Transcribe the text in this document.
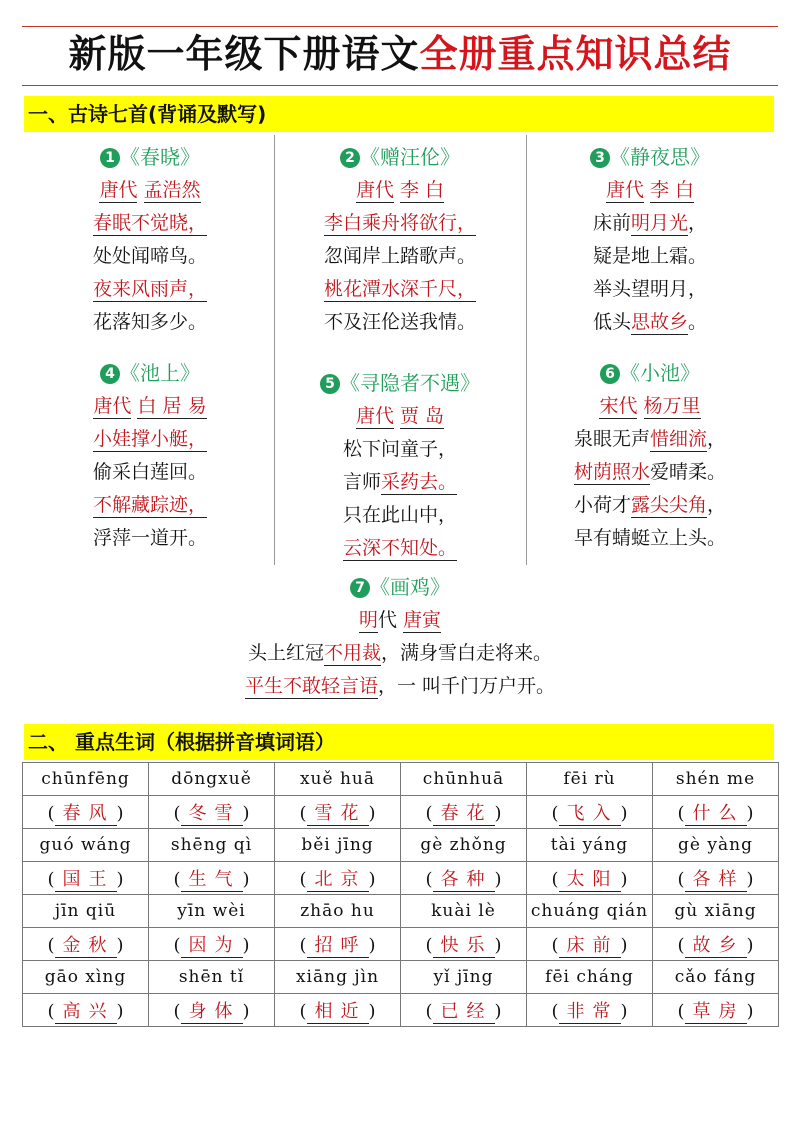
新版一年级下册语文全册重点知识总结
一、古诗七首(背诵及默写)
1 《春晓》
唐代 孟浩然
春眠不觉晓，
处处闻啼鸟。
夜来风雨声，
花落知多少。
2 《赠汪伦》
唐代 李 白
李白乘舟将欲行，
忽闻岸上踏歌声。
桃花潭水深千尺，
不及汪伦送我情。
3 《静夜思》
唐代 李 白
床前明月光，
疑是地上霜。
举头望明月，
低头思故乡。
4 《池上》
唐代 白 居 易
小娃撑小艇，
偷采白莲回。
不解藏踪迹，
浮萍一道开。
5 《寻隐者不遇》
唐代 贾 岛
松下问童子，
言师采药去。
只在此山中，
云深不知处。
6 《小池》
宋代 杨万里
泉眼无声惜细流，
树荫照水爱晴柔。
小荷才露尖尖角，
早有蜻蜓立上头。
7 《画鸡》
明代 唐寅
头上红冠不用裁，满身雪白走将来。
平生不敢轻言语，一 叫千门万户开。
二、 重点生词（根据拼音填词语）
chūnfēng	dōngxuě	xuě huā	chūnhuā	fēi rù	shén me
( 春风 )	( 冬雪 )	( 雪花 )	( 春花 )	( 飞入 )	( 什么 )
guó wáng	shēng qì	běi jīng	gè zhǒng	tài yáng	gè yàng
( 国王 )	( 生气 )	( 北京 )	( 各种 )	( 太阳 )	( 各样 )
jīn qiū	yīn wèi	zhāo hu	kuài lè	chuáng qián	gù xiāng
( 金秋 )	( 因为 )	( 招呼 )	( 快乐 )	( 床前 )	( 故乡 )
gāo xìng	shēn tǐ	xiāng jìn	yǐ jīng	fēi cháng	cǎo fáng
( 高兴 )	( 身体 )	( 相近 )	( 已经 )	( 非常 )	( 草房 )
